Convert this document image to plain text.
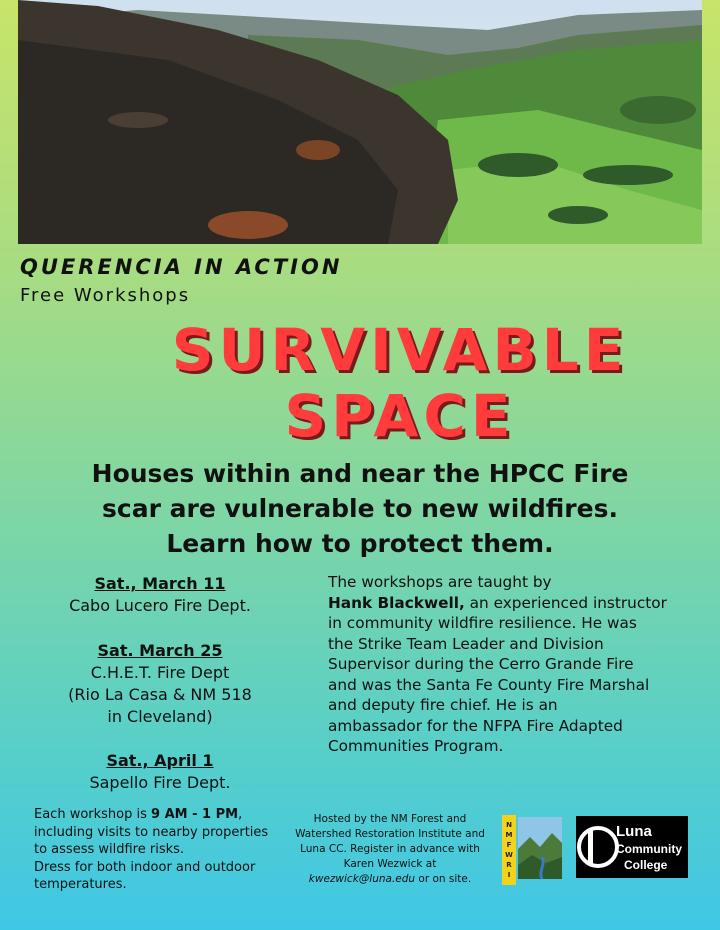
QUERENCIA IN ACTION
Free Workshops
SURVIVABLE
SPACE
Houses within and near the HPCC Fire
scar are vulnerable to new wildfires.
Learn how to protect them.
Sat., March 11
Cabo Lucero Fire Dept.
Sat. March 25
C.H.E.T. Fire Dept
(Rio La Casa & NM 518
in Cleveland)
Sat., April 1
Sapello Fire Dept.
The workshops are taught by
Hank Blackwell, an experienced instructor
in community wildfire resilience. He was
the Strike Team Leader and Division
Supervisor during the Cerro Grande Fire
and was the Santa Fe County Fire Marshal
and deputy fire chief. He is an
ambassador for the NFPA Fire Adapted
Communities Program.
Each workshop is 9 AM - 1 PM,
including visits to nearby properties
to assess wildfire risks.
Dress for both indoor and outdoor
temperatures.
Hosted by the NM Forest and
Watershed Restoration Institute and
Luna CC. Register in advance with
Karen Wezwick at
kwezwick@luna.edu or on site.
N
M
F
W
R
I
Luna
Community
College
